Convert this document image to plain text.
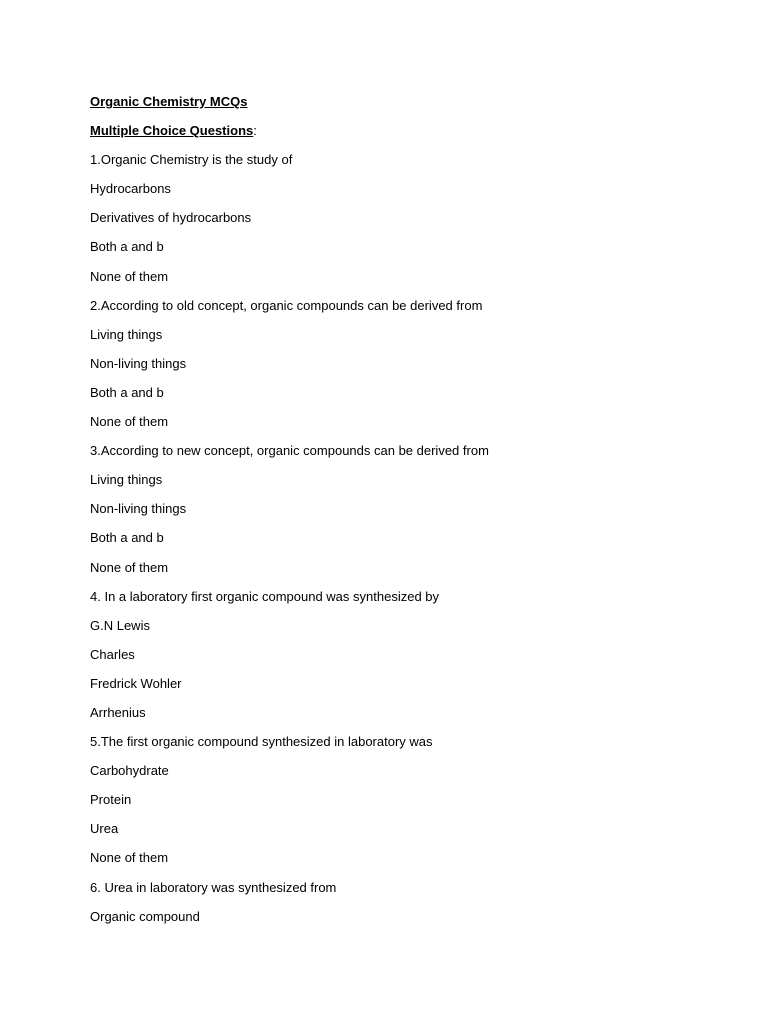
Organic Chemistry MCQs
Multiple Choice Questions:
1.Organic Chemistry is the study of
Hydrocarbons
Derivatives of hydrocarbons
Both a and b
None of them
2.According to old concept, organic compounds can be derived from
Living things
Non-living things
Both a and b
None of them
3.According to new concept, organic compounds can be derived from
Living things
Non-living things
Both a and b
None of them
4. In a laboratory first organic compound was synthesized by
G.N Lewis
Charles
Fredrick Wohler
Arrhenius
5.The first organic compound synthesized in laboratory was
Carbohydrate
Protein
Urea
None of them
6. Urea in laboratory was synthesized from
Organic compound
